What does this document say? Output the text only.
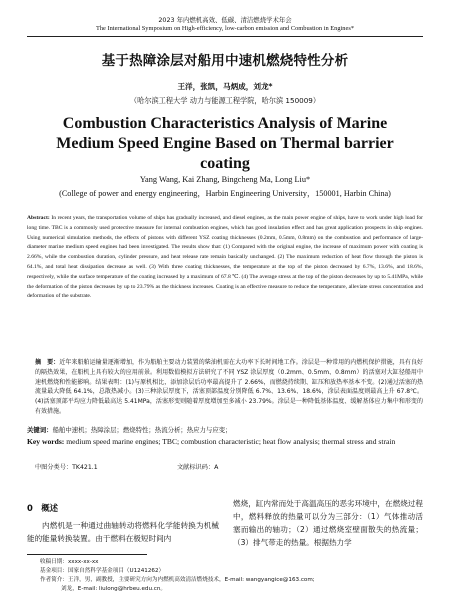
2023 年内燃机高效、低碳、清洁燃烧学术年会
The International Symposium on High-efficiency, low-carbon emission and Combustion in Engines*
基于热障涂层对船用中速机燃烧特性分析
王洋，张凯，马炳成，刘龙*
（哈尔滨工程大学 动力与能源工程学院，哈尔滨 150009）
Combustion Characteristics Analysis of Marine Medium Speed Engine Based on Thermal barrier coating
Yang Wang, Kai Zhang, Bingcheng Ma, Long Liu*
(College of power and energy engineering，Harbin Engineering University，150001, Harbin China)
Abstract: In recent years, the transportation volume of ships has gradually increased, and diesel engines, as the main power engine of ships, have to work under high load for long time. TBC is a commonly used protective measure for internal combustion engines, which has good insulation effect and has great application prospects in ship engines. Using numerical simulation methods, the effects of pistons with different YSZ coating thicknesses (0.2mm, 0.5mm, 0.8mm) on the combustion and performance of large-diameter marine medium speed engines had been investigated. The results show that: (1) Compared with the original engine, the increase of maximum power with coating is 2.66%, while the combustion duration, cylinder pressure, and heat release rate remain basically unchanged. (2) The maximum reduction of heat flow through the piston is 64.1%, and total heat dissipation decrease as well. (3) With three coating thicknesses, the temperature at the top of the piston decreased by 6.7%, 13.6%, and 18.6%, respectively, while the surface temperature of the coating increased by a maximum of 67.8 ℃. (4) The average stress at the top of the piston decreases by up to 5.41MPa, while the deformation of the piston decreases by up to 23.79% as the thickness increases. Coating is an effective measure to reduce the temperature, alleviate stress concentration and deformation of the substrate.
摘　要：近年来船舶运输量逐渐增加，作为船舶主要动力装置的柴油机需在大功率下长时间地工作。涂层是一种常用的内燃机保护措施，具有良好的隔热效果，在船机上具有较大的应用前景。利用数值模拟方法研究了不同 YSZ 涂层厚度（0.2mm、0.5mm、0.8mm）的活塞对大缸径船用中速机燃烧和性能影响。结果表明：(1)与原机相比，添加涂层后功率最高提升了 2.66%，而燃烧持续期、缸压和放热率基本不变。(2)通过活塞的热流量最大降低 64.1%，总散热减小。(3)三种涂层厚度下，活塞顶部温度分别降低 6.7%、13.6%、18.6%，涂层表面温度则最高上升 67.8℃。(4)活塞顶部平均应力降低最高达 5.41MPa，活塞形变则随着厚度增加至多减小 23.79%。涂层是一种降低基体温度、缓解基体应力集中和形变的有效措施。
关键词：船舶中速机；热障涂层；燃烧特性；热流分析；热应力与应变；
Key words: medium speed marine engines; TBC; combustion characteristic; heat flow analysis; thermal stress and strain
中图分类号：TK421.1	文献标识码：A
0　概述
内燃机是一种通过曲轴转动将燃料化学能转换为机械能的能量转换装置。由于燃料在极短时间内
燃烧，缸内常而处于高温高压的恶劣环境中，在燃烧过程中，燃料释放的热量可以分为三部分：（1）气体推动活塞而输出的轴功；（2）通过燃烧室壁面散失的热流量；（3）排气带走的热量。根据热力学
收稿日期：xxxx-xx-xx
基金项目：国家自然科学基金项目（U1241262）
作者简介：王洋，男，副教授，主要研究方向为内燃机高效清洁燃烧技术，E-mail: wangyangice@163.com;
刘龙，E-mail: liulong@hrbeu.edu.cn。
